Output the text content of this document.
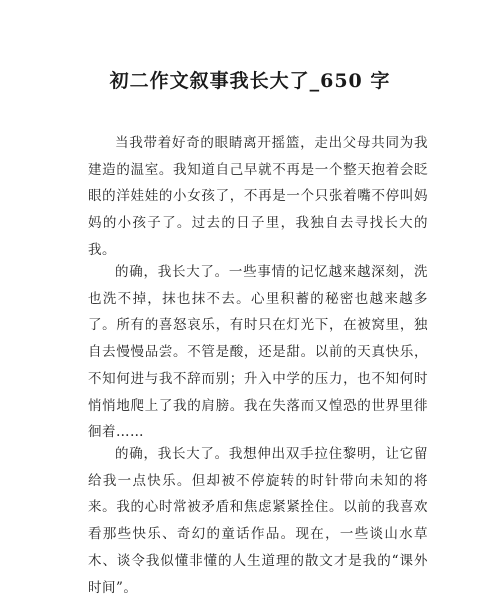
初二作文叙事我长大了_650 字

当我带着好奇的眼睛离开摇篮，走出父母共同为我建造的温室。我知道自己早就不再是一个整天抱着会眨眼的洋娃娃的小女孩了，不再是一个只张着嘴不停叫妈妈的小孩子了。过去的日子里，我独自去寻找长大的我。

的确，我长大了。一些事情的记忆越来越深刻，洗也洗不掉，抹也抹不去。心里积蓄的秘密也越来越多了。所有的喜怒哀乐，有时只在灯光下，在被窝里，独自去慢慢品尝。不管是酸，还是甜。以前的天真快乐，不知何进与我不辞而别；升入中学的压力，也不知何时悄悄地爬上了我的肩膀。我在失落而又惶恐的世界里徘徊着……

的确，我长大了。我想伸出双手拉住黎明，让它留给我一点快乐。但却被不停旋转的时针带向未知的将来。我的心时常被矛盾和焦虑紧紧拴住。以前的我喜欢看那些快乐、奇幻的童话作品。现在，一些谈山水草木、谈令我似懂非懂的人生道理的散文才是我的“课外时间”。
